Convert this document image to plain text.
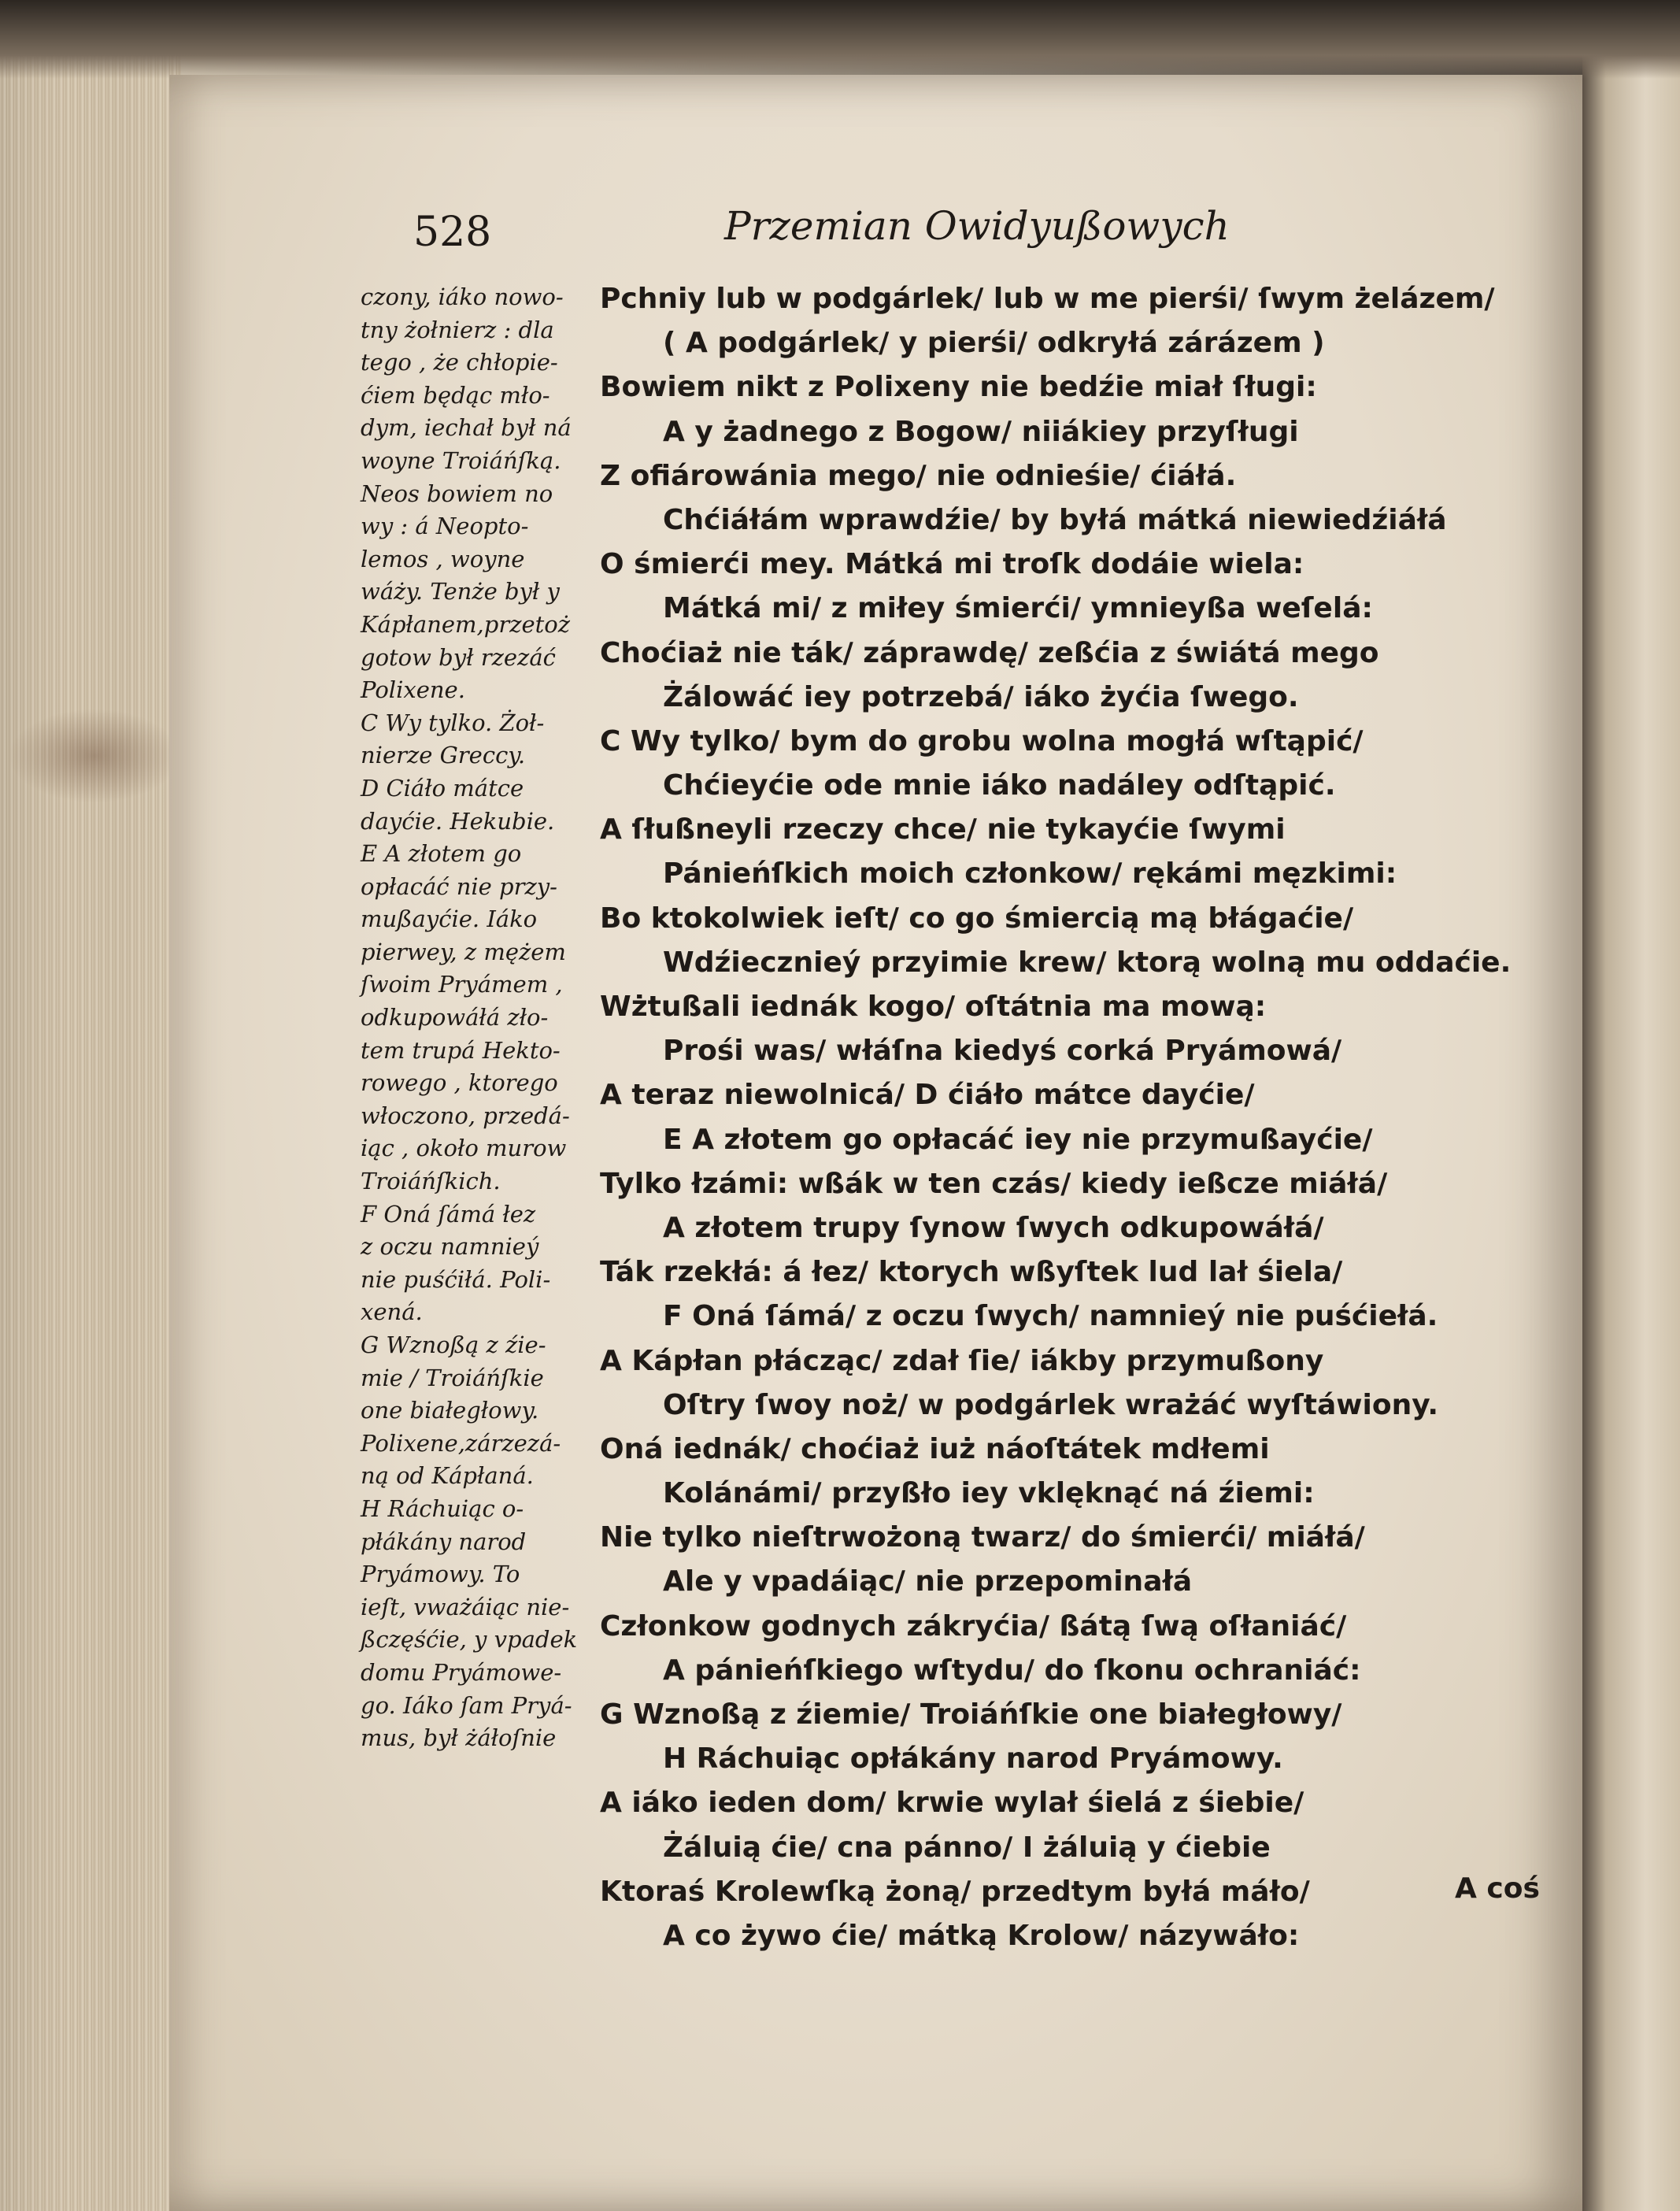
528	Przemian Owidyußowych

czony, iáko nowo-
tny żołnierz : dla
tego , że chłopie-
ćiem będąc mło-
dym, iechał był ná
woyne Troiáńſką.
Neos bowiem no
wy : á Neopto-
lemos , woyne
wáży. Tenże był y
Kápłanem,przetoż
gotow był rzezáć
Polixene.
C Wy tylko. Żoł-
nierze Greccy.
D Ciáło mátce
dayćie. Hekubie.
E A złotem go
opłacáć nie przy-
mußayćie. Iáko
pierwey, z mężem
ſwoim Pryámem ,
odkupowáłá zło-
tem trupá Hekto-
rowego , ktorego
włoczono, przedá-
iąc , około murow
Troiáńſkich.
F Oná ſámá łez
z oczu namnieý
nie puśćiłá. Poli-
xená.
G Wznoßą z źie-
mie / Troiáńſkie
one białegłowy.
Polixene,zárzezá-
ną od Kápłaná.
H Ráchuiąc o-
płákány narod
Pryámowy. To
ieſt, vważáiąc nie-
ßczęśćie, y vpadek
domu Pryámowe-
go. Iáko ſam Pryá-
mus, był żáłoſnie
Pchniy lub w podgárlek/ lub w me pierśi/ ſwym żelázem/
( A podgárlek/ y pierśi/ odkryłá zárázem )
Bowiem nikt z Polixeny nie bedźie miał ſługi:
A y żadnego z Bogow/ niiákiey przyſługi
Z ofiárowánia mego/ nie odnieśie/ ćiáłá.
Chćiáłám wprawdźie/ by byłá mátká niewiedźiáłá
O śmierći mey. Mátká mi troſk dodáie wiela:
Mátká mi/ z miłey śmierći/ ymnieyßa weſelá:
Choćiaż nie ták/ záprawdę/ zeßćia z świátá mego
Żálowáć iey potrzebá/ iáko żyćia ſwego.
C Wy tylko/ bym do grobu wolna mogłá wſtąpić/
Chćieyćie ode mnie iáko nadáley odſtąpić.
A ſłußneyli rzeczy chce/ nie tykayćie ſwymi
Pánieńſkich moich członkow/ rękámi męzkimi:
Bo ktokolwiek ieſt/ co go śmiercią mą błágaćie/
Wdźiecznieý przyimie krew/ ktorą wolną mu oddaćie.
Wżtußali iednák kogo/ oſtátnia ma mową:
Prośi was/ włáſna kiedyś corká Pryámowá/
A teraz niewolnicá/ D ćiáło mátce dayćie/
E A złotem go opłacáć iey nie przymußayćie/
Tylko łzámi: wßák w ten czás/ kiedy ießcze miáłá/
A złotem trupy ſynow ſwych odkupowáłá/
Ták rzekłá: á łez/ ktorych wßyſtek lud lał śiela/
F Oná ſámá/ z oczu ſwych/ namnieý nie puśćiełá.
A Kápłan płácząc/ zdał ſie/ iákby przymußony
Oſtry ſwoy noż/ w podgárlek wrażáć wyſtáwiony.
Oná iednák/ choćiaż iuż náoſtátek mdłemi
Kolánámi/ przyßło iey vklęknąć ná źiemi:
Nie tylko nieſtrwożoną twarz/ do śmierći/ miáłá/
Ale y vpadáiąc/ nie przepominałá
Członkow godnych zákryćia/ ßátą ſwą oſłaniáć/
A pánieńſkiego wſtydu/ do ſkonu ochraniáć:
G Wznoßą z źiemie/ Troiáńſkie one białegłowy/
H Ráchuiąc opłákány narod Pryámowy.
A iáko ieden dom/ krwie wylał śielá z śiebie/
Żáluią ćie/ cna pánno/ I żáluią y ćiebie
Ktoraś Krolewſką żoną/ przedtym byłá máło/
A co żywo ćie/ mátką Krolow/ názywáło:

A coś
